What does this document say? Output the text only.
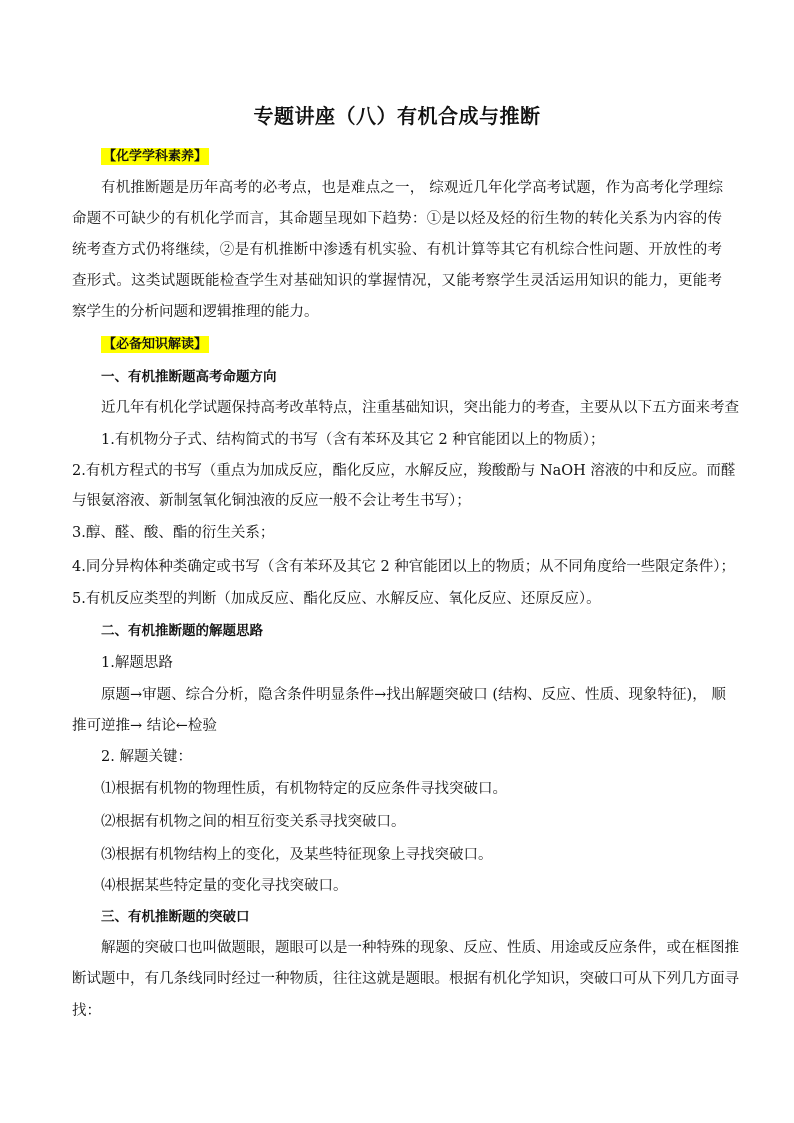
专题讲座（八）有机合成与推断
【化学学科素养】
有机推断题是历年高考的必考点，也是难点之一， 综观近几年化学高考试题，作为高考化学理综
命题不可缺少的有机化学而言，其命题呈现如下趋势：①是以烃及烃的衍生物的转化关系为内容的传
统考查方式仍将继续，②是有机推断中渗透有机实验、有机计算等其它有机综合性问题、开放性的考
查形式。这类试题既能检查学生对基础知识的掌握情况，又能考察学生灵活运用知识的能力，更能考
察学生的分析问题和逻辑推理的能力。
【必备知识解读】
一、有机推断题高考命题方向
近几年有机化学试题保持高考改革特点，注重基础知识，突出能力的考查，主要从以下五方面来考查
1.有机物分子式、结构简式的书写（含有苯环及其它 2 种官能团以上的物质）；
2.有机方程式的书写（重点为加成反应，酯化反应，水解反应，羧酸酚与 NaOH 溶液的中和反应。而醛
与银氨溶液、新制氢氧化铜浊液的反应一般不会让考生书写）；
3.醇、醛、酸、酯的衍生关系；
4.同分异构体种类确定或书写（含有苯环及其它 2 种官能团以上的物质；从不同角度给一些限定条件）；
5.有机反应类型的判断（加成反应、酯化反应、水解反应、氧化反应、还原反应）。
二、有机推断题的解题思路
1.解题思路
原题→审题、综合分析，隐含条件明显条件→找出解题突破口 (结构、反应、性质、现象特征)， 顺
推可逆推→ 结论←检验
2. 解题关键：
⑴根据有机物的物理性质，有机物特定的反应条件寻找突破口。
⑵根据有机物之间的相互衍变关系寻找突破口。
⑶根据有机物结构上的变化，及某些特征现象上寻找突破口。
⑷根据某些特定量的变化寻找突破口。
三、有机推断题的突破口
解题的突破口也叫做题眼，题眼可以是一种特殊的现象、反应、性质、用途或反应条件，或在框图推
断试题中，有几条线同时经过一种物质，往往这就是题眼。根据有机化学知识，突破口可从下列几方面寻
找：
